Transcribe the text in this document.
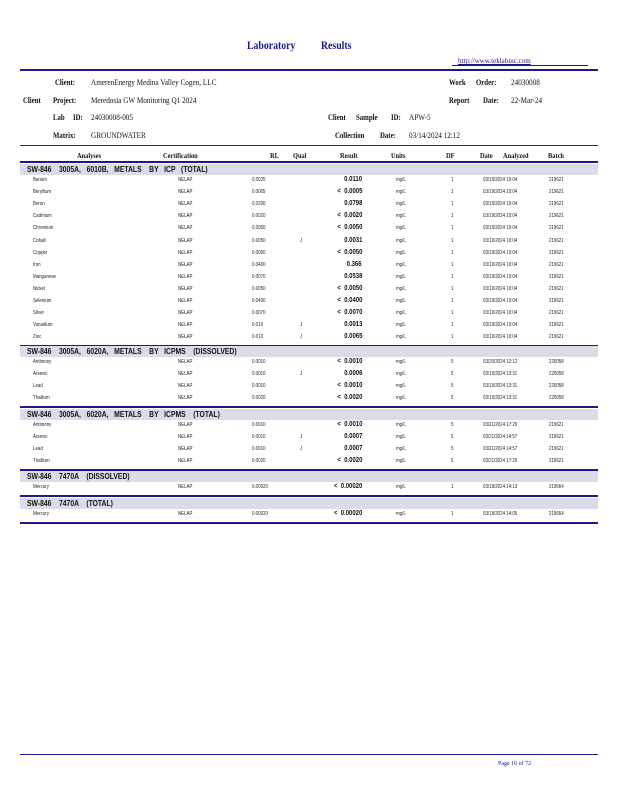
Laboratory Results
http://www.teklabinc.com
Client: AmerenEnergy Medina Valley Cogen, LLC
Client Project: Meredosia GW Monitoring Q1 2024
Lab ID: 24030008-005
Matrix: GROUNDWATER
Work Order: 24030008
Report Date: 22-Mar-24
Client Sample ID: APW-5
Collection Date: 03/14/2024 12:12
Analyses	Certification	RL Qual	Result	Units	DF	Date Analyzed	Batch
SW-846    3005A,   6010B,   METALS    BY   ICP   (TOTAL)
Barium	NELAP	0.0025	0.0110	mg/L	1	03/19/2024 10:04	219621
Beryllium	NELAP	0.0005	<  0.0005	mg/L	1	03/19/2024 10:04	219621
Boron	NELAP	0.0200	0.0798	mg/L	1	03/19/2024 10:04	219621
Cadmium	NELAP	0.0020	<  0.0020	mg/L	1	03/19/2024 10:04	219621
Chromium	NELAP	0.0050	<  0.0050	mg/L	1	03/19/2024 10:04	219621
Cobalt	NELAP	0.0050	J	0.0031	mg/L	1	03/19/2024 10:04	219621
Copper	NELAP	0.0050	<  0.0050	mg/L	1	03/19/2024 10:04	219621
Iron	NELAP	0.0400	0.366	mg/L	1	03/19/2024 10:04	219621
Manganese	NELAP	0.0070	0.0538	mg/L	1	03/19/2024 10:04	219621
Nickel	NELAP	0.0050	<  0.0050	mg/L	1	03/19/2024 10:04	219621
Selenium	NELAP	0.0400	<  0.0400	mg/L	1	03/19/2024 10:04	219621
Silver	NELAP	0.0070	<  0.0070	mg/L	1	03/19/2024 10:04	219621
Vanadium	NELAP	0.010	J	0.0013	mg/L	1	03/19/2024 10:04	219621
Zinc	NELAP	0.010	J	0.0065	mg/L	1	03/19/2024 10:04	219621
SW-846    3005A,   6020A,   METALS    BY   ICPMS    (DISSOLVED)
Antimony	NELAP	0.0010	<  0.0010	mg/L	5	03/20/2024 12:12	220058
Arsenic	NELAP	0.0010	J	0.0006	mg/L	5	03/19/2024 13:31	220058
Lead	NELAP	0.0010	<  0.0010	mg/L	5	03/19/2024 13:31	220058
Thallium	NELAP	0.0020	<  0.0020	mg/L	5	03/19/2024 13:31	220058
SW-846    3005A,   6020A,   METALS    BY   ICPMS    (TOTAL)
Antimony	NELAP	0.0010	<  0.0010	mg/L	5	03/21/2024 17:20	219621
Arsenic	NELAP	0.0010	J	0.0007	mg/L	5	03/21/2024 14:57	219621
Lead	NELAP	0.0010	J	0.0007	mg/L	5	03/21/2024 14:57	219621
Thallium	NELAP	0.0020	<  0.0020	mg/L	5	03/21/2024 17:20	219621
SW-846    7470A    (DISSOLVED)
Mercury	NELAP	0.00020	<  0.00020	mg/L	1	03/18/2024 14:13	219664
SW-846    7470A    (TOTAL)
Mercury	NELAP	0.00020	<  0.00020	mg/L	1	03/18/2024 14:05	219664
Page 16 of 72
